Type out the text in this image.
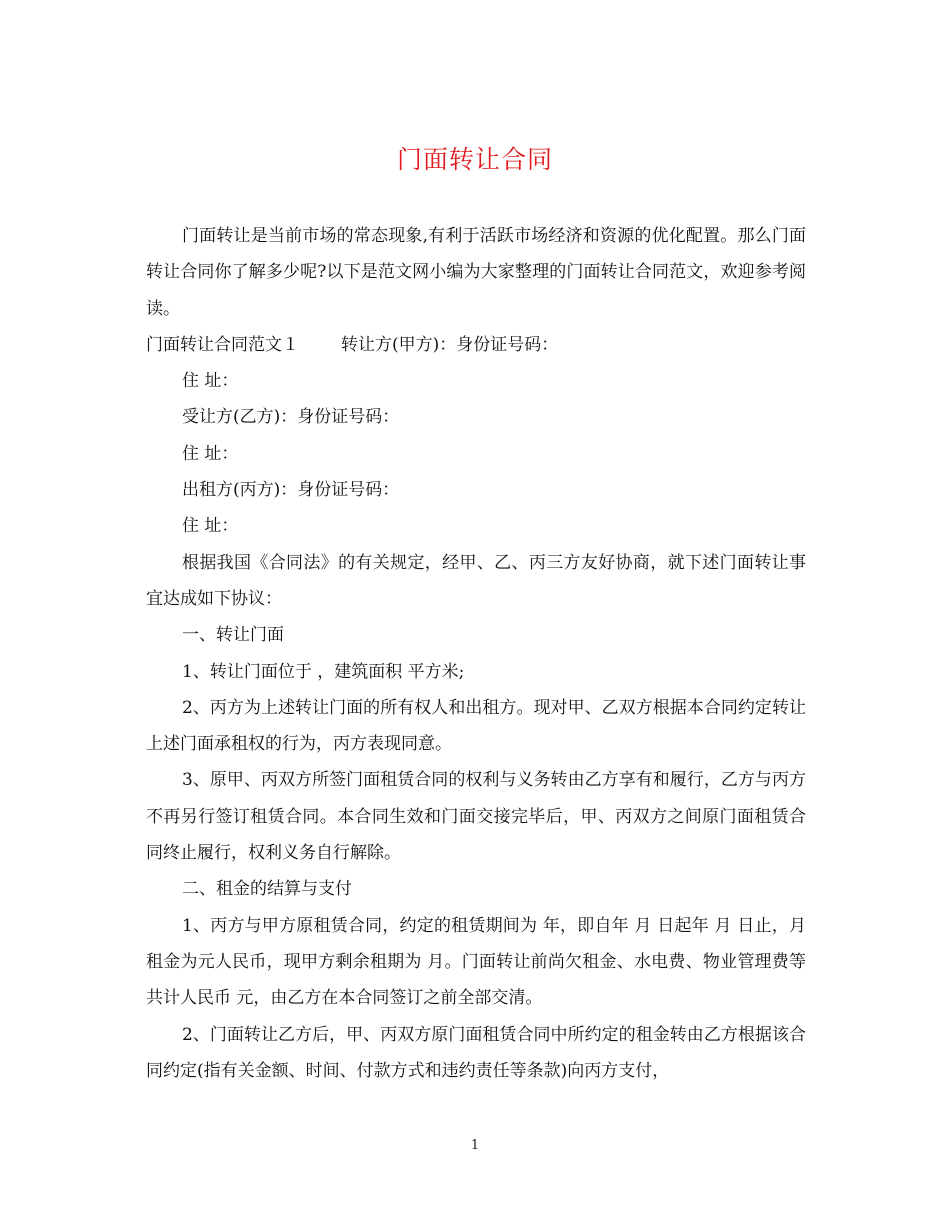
门面转让合同

门面转让是当前市场的常态现象,有利于活跃市场经济和资源的优化配置。那么门面转让合同你了解多少呢?以下是范文网小编为大家整理的门面转让合同范文，欢迎参考阅读。

门面转让合同范文１ 转让方(甲方)：身份证号码：

住 址：

受让方(乙方)：身份证号码：

住 址：

出租方(丙方)：身份证号码：

住 址：

根据我国《合同法》的有关规定，经甲、乙、丙三方友好协商，就下述门面转让事宜达成如下协议：

一、转让门面

1、转让门面位于 ，建筑面积 平方米;

2、丙方为上述转让门面的所有权人和出租方。现对甲、乙双方根据本合同约定转让上述门面承租权的行为，丙方表现同意。

3、原甲、丙双方所签门面租赁合同的权利与义务转由乙方享有和履行，乙方与丙方不再另行签订租赁合同。本合同生效和门面交接完毕后，甲、丙双方之间原门面租赁合同终止履行，权利义务自行解除。

二、租金的结算与支付

1、丙方与甲方原租赁合同，约定的租赁期间为 年，即自年 月 日起年 月 日止，月租金为元人民币，现甲方剩余租期为 月。门面转让前尚欠租金、水电费、物业管理费等共计人民币 元，由乙方在本合同签订之前全部交清。

2、门面转让乙方后，甲、丙双方原门面租赁合同中所约定的租金转由乙方根据该合同约定(指有关金额、时间、付款方式和违约责任等条款)向丙方支付，

1
